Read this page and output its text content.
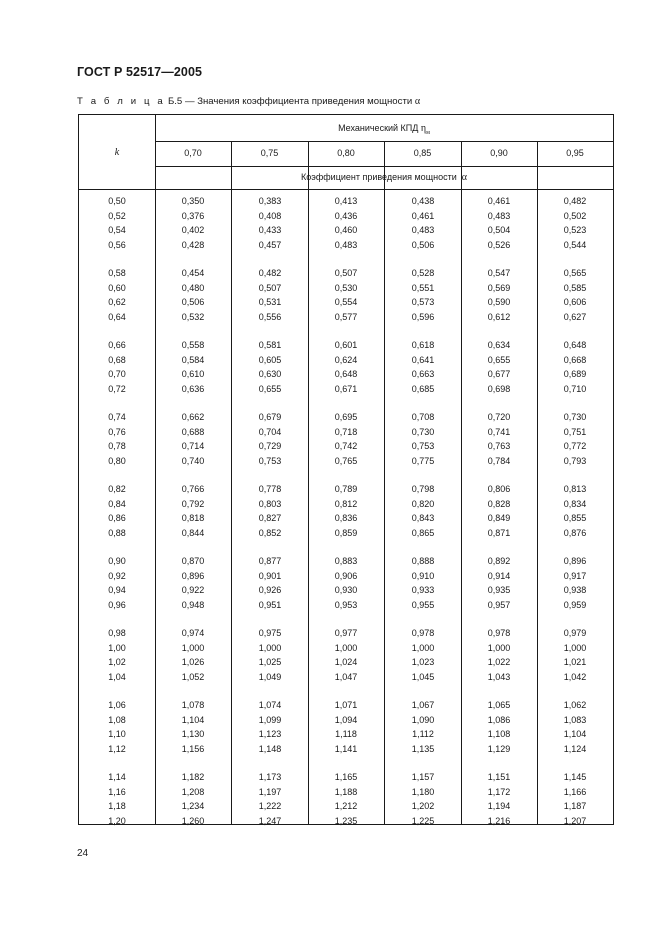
ГОСТ Р 52517—2005
Т а б л и ц а Б.5 — Значения коэффициента приведения мощности α
k
Механический КПД $\eta_м$
0,70	0,75	0,80	0,85	0,90	0,95
Коэффициент приведения мощности α
0,50	0,350	0,383	0,413	0,438	0,461	0,482
0,52	0,376	0,408	0,436	0,461	0,483	0,502
0,54	0,402	0,433	0,460	0,483	0,504	0,523
0,56	0,428	0,457	0,483	0,506	0,526	0,544
0,58	0,454	0,482	0,507	0,528	0,547	0,565
0,60	0,480	0,507	0,530	0,551	0,569	0,585
0,62	0,506	0,531	0,554	0,573	0,590	0,606
0,64	0,532	0,556	0,577	0,596	0,612	0,627
0,66	0,558	0,581	0,601	0,618	0,634	0,648
0,68	0,584	0,605	0,624	0,641	0,655	0,668
0,70	0,610	0,630	0,648	0,663	0,677	0,689
0,72	0,636	0,655	0,671	0,685	0,698	0,710
0,74	0,662	0,679	0,695	0,708	0,720	0,730
0,76	0,688	0,704	0,718	0,730	0,741	0,751
0,78	0,714	0,729	0,742	0,753	0,763	0,772
0,80	0,740	0,753	0,765	0,775	0,784	0,793
0,82	0,766	0,778	0,789	0,798	0,806	0,813
0,84	0,792	0,803	0,812	0,820	0,828	0,834
0,86	0,818	0,827	0,836	0,843	0,849	0,855
0,88	0,844	0,852	0,859	0,865	0,871	0,876
0,90	0,870	0,877	0,883	0,888	0,892	0,896
0,92	0,896	0,901	0,906	0,910	0,914	0,917
0,94	0,922	0,926	0,930	0,933	0,935	0,938
0,96	0,948	0,951	0,953	0,955	0,957	0,959
0,98	0,974	0,975	0,977	0,978	0,978	0,979
1,00	1,000	1,000	1,000	1,000	1,000	1,000
1,02	1,026	1,025	1,024	1,023	1,022	1,021
1,04	1,052	1,049	1,047	1,045	1,043	1,042
1,06	1,078	1,074	1,071	1,067	1,065	1,062
1,08	1,104	1,099	1,094	1,090	1,086	1,083
1,10	1,130	1,123	1,118	1,112	1,108	1,104
1,12	1,156	1,148	1,141	1,135	1,129	1,124
1,14	1,182	1,173	1,165	1,157	1,151	1,145
1,16	1,208	1,197	1,188	1,180	1,172	1,166
1,18	1,234	1,222	1,212	1,202	1,194	1,187
1,20	1,260	1,247	1,235	1,225	1,216	1,207
24
